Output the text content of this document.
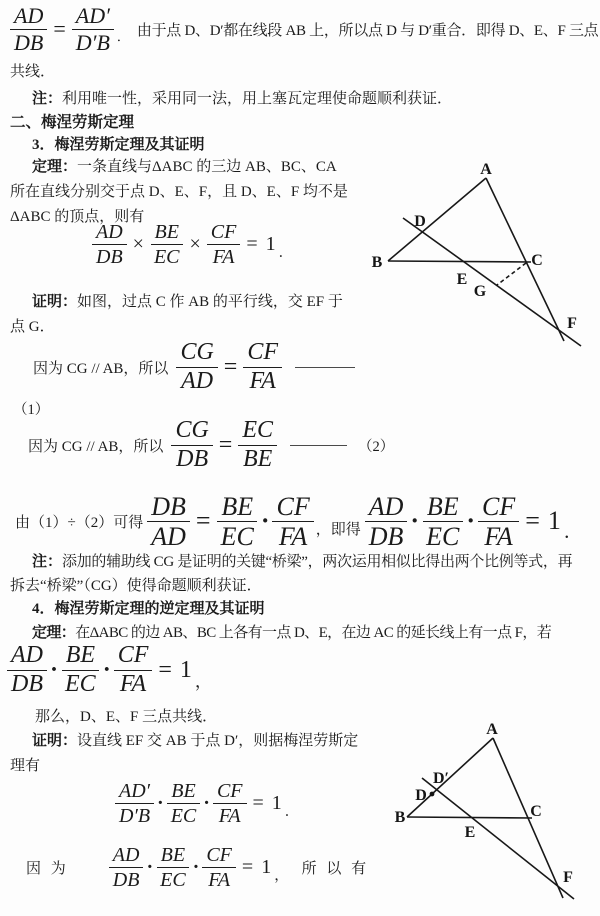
$\frac{AD}{DB} = \frac{AD'}{D'B}$ ． 由于点 D、D′都在线段 AB 上，所以点 D 与 D′重合．即得 D、E、F 三点
共线．
注：利用唯一性，采用同一法，用上塞瓦定理使命题顺利获证．
二、梅涅劳斯定理
3．梅涅劳斯定理及其证明
定理：一条直线与ΔABC 的三边 AB、BC、CA
所在直线分别交于点 D、E、F，且 D、E、F 均不是
ΔABC 的顶点，则有
$\frac{AD}{DB} \times \frac{BE}{EC} \times \frac{CF}{FA} = 1$ ．
证明：如图，过点 C 作 AB 的平行线，交 EF 于
点 G．
因为 CG // AB，所以 $\frac{CG}{AD} = \frac{CF}{FA}$
（1）
因为 CG // AB，所以 $\frac{CG}{DB} = \frac{EC}{BE}$	（2）
由（1）÷（2）可得 $\frac{DB}{AD} = \frac{BE}{EC} \cdot \frac{CF}{FA}$ ，即得 $\frac{AD}{DB} \cdot \frac{BE}{EC} \cdot \frac{CF}{FA} = 1$ ．
注：添加的辅助线 CG 是证明的关键“桥梁”，两次运用相似比得出两个比例等式，再
拆去“桥梁”（CG）使得命题顺利获证．
4．梅涅劳斯定理的逆定理及其证明
定理：在ΔABC 的边 AB、BC 上各有一点 D、E，在边 AC 的延长线上有一点 F，若
$\frac{AD}{DB} \cdot \frac{BE}{EC} \cdot \frac{CF}{FA} = 1$ ，
那么，D、E、F 三点共线．
证明：设直线 EF 交 AB 于点 D′，则据梅涅劳斯定
理有
$\frac{AD'}{D'B} \cdot \frac{BE}{EC} \cdot \frac{CF}{FA} = 1$ ．
因 为 $\frac{AD}{DB} \cdot \frac{BE}{EC} \cdot \frac{CF}{FA} = 1$ ， 所 以 有
A
B	C
D
E
G
F
A
B	C
D′
D
E
F
